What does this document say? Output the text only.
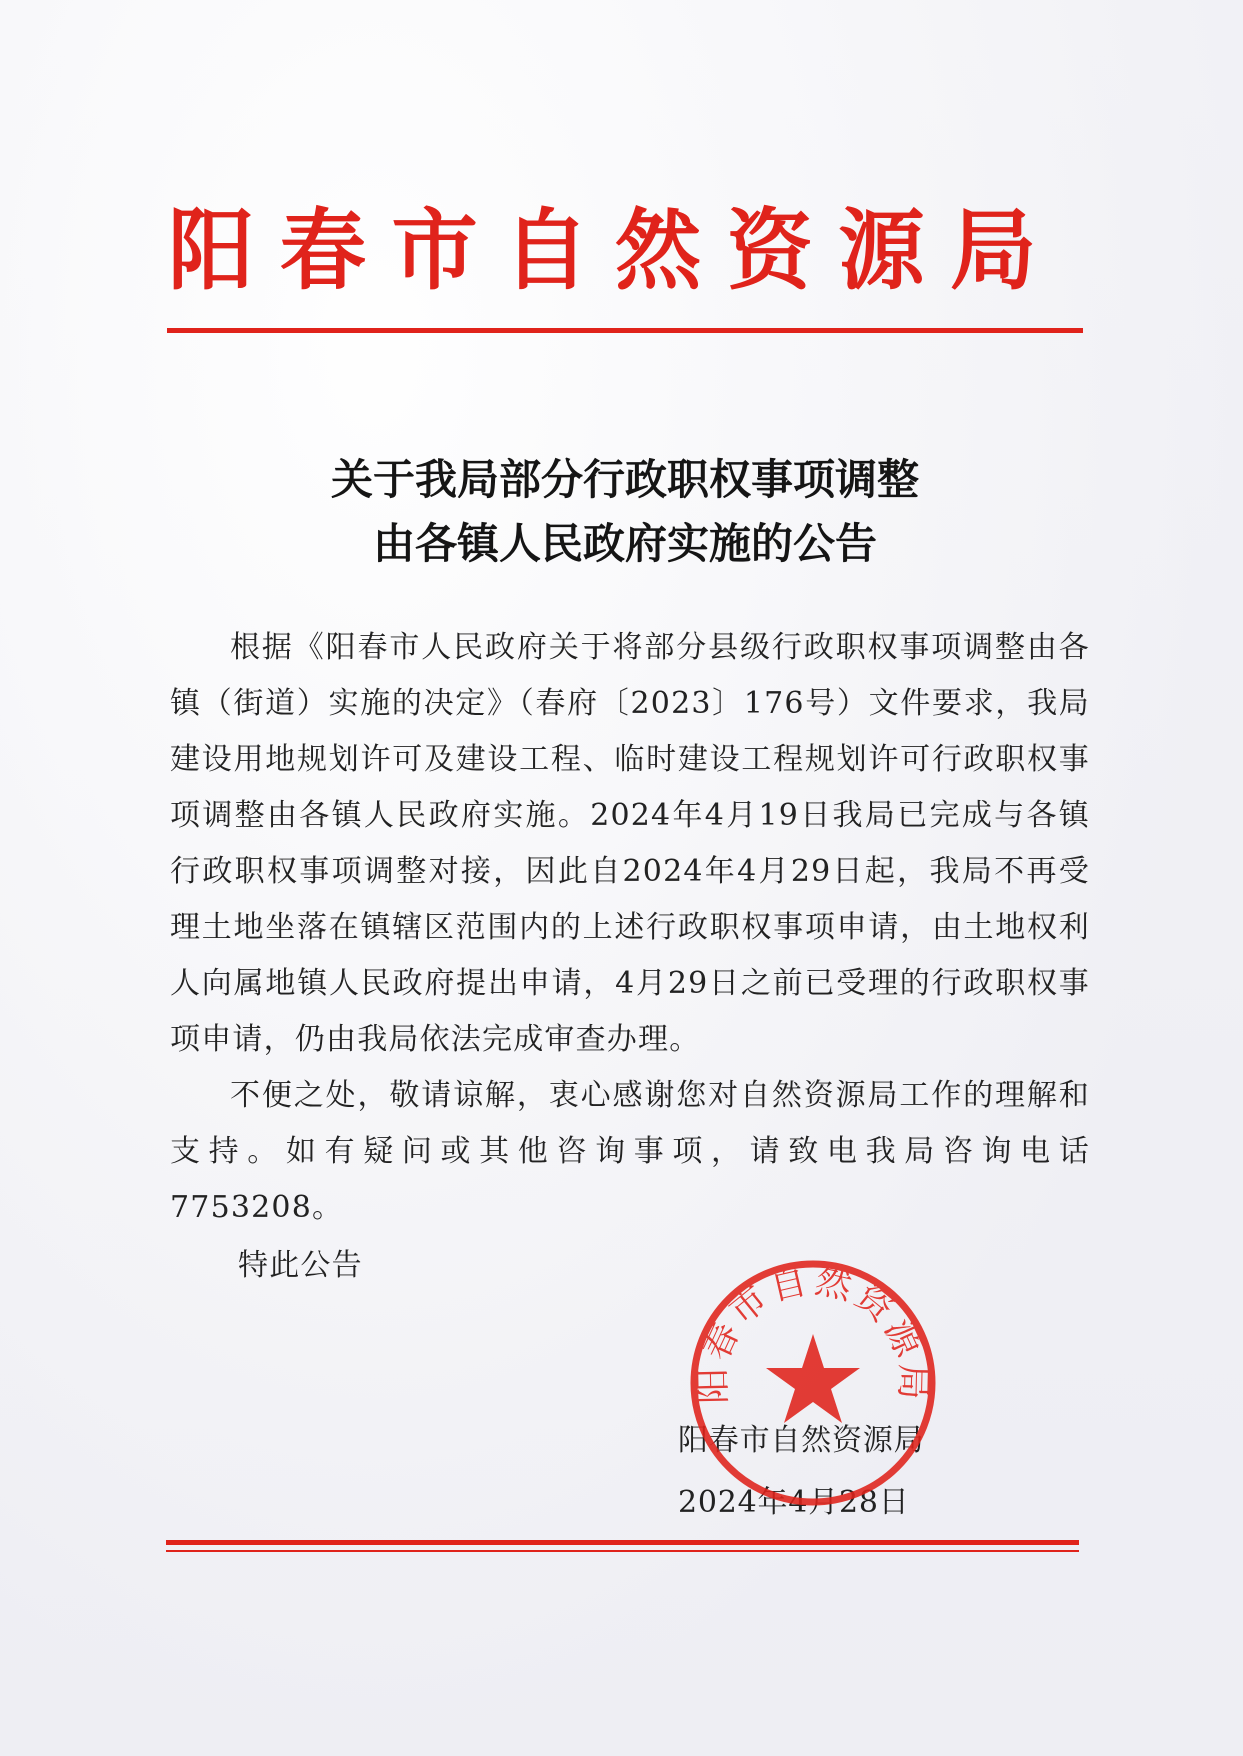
阳春市自然资源局
关于我局部分行政职权事项调整
由各镇人民政府实施的公告

根据《阳春市人民政府关于将部分县级行政职权事项调整由各镇（街道）实施的决定》（春府〔2023〕176号）文件要求，我局建设用地规划许可及建设工程、临时建设工程规划许可行政职权事项调整由各镇人民政府实施。2024年4月19日我局已完成与各镇行政职权事项调整对接，因此自2024年4月29日起，我局不再受理土地坐落在镇辖区范围内的上述行政职权事项申请，由土地权利人向属地镇人民政府提出申请，4月29日之前已受理的行政职权事项申请，仍由我局依法完成审查办理。

不便之处，敬请谅解，衷心感谢您对自然资源局工作的理解和支持。如有疑问或其他咨询事项，请致电我局咨询电话7753208。

特此公告
阳春市自然资源局
2024年4月28日
阳春市自然资源局
